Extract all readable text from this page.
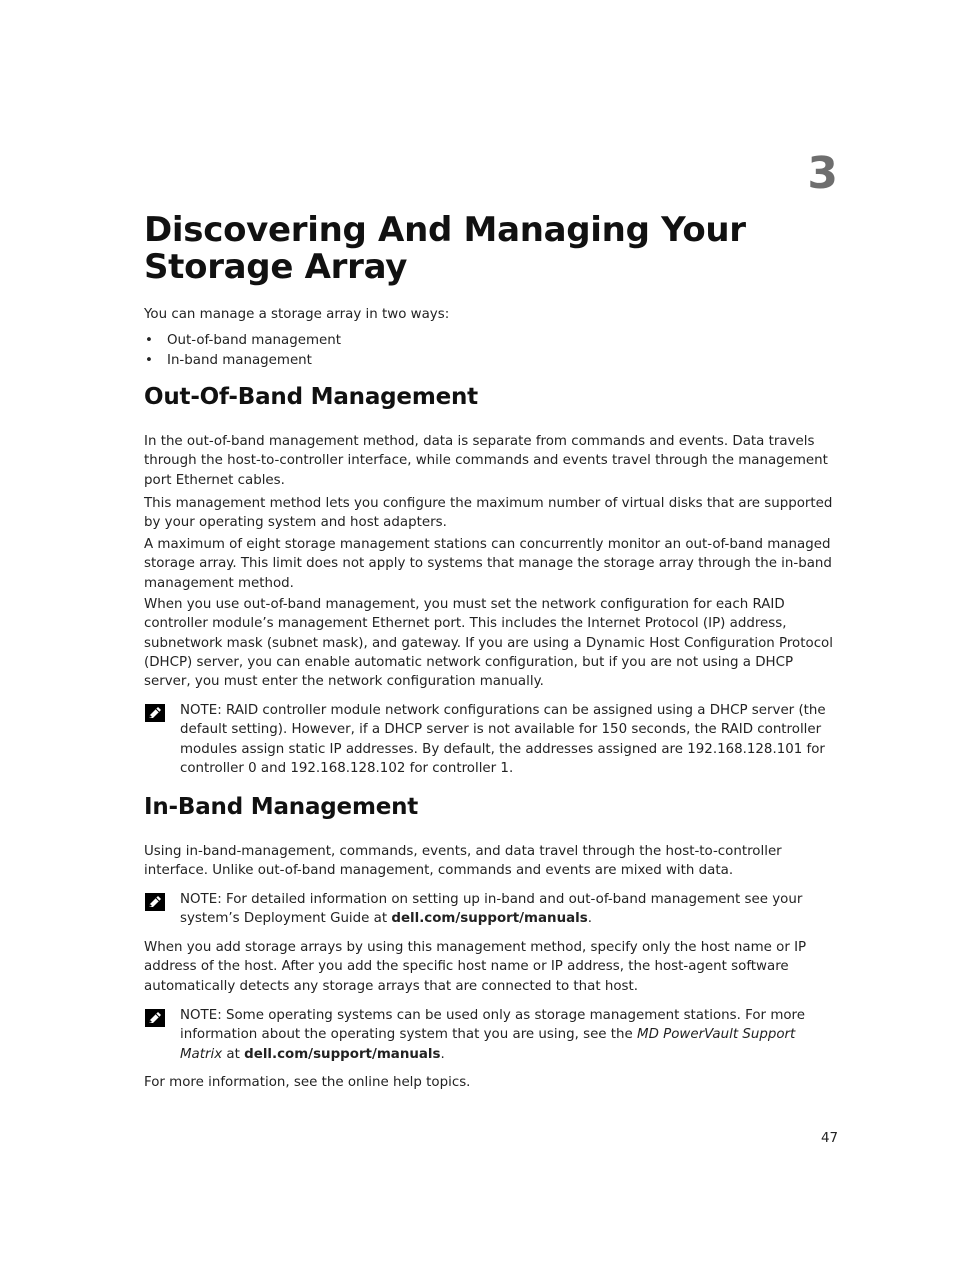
3
Discovering And Managing Your Storage Array

You can manage a storage array in two ways:

• Out-of-band management
• In-band management
Out-Of-Band Management

In the out-of-band management method, data is separate from commands and events. Data travels through the host-to-controller interface, while commands and events travel through the management port Ethernet cables.

This management method lets you configure the maximum number of virtual disks that are supported by your operating system and host adapters.

A maximum of eight storage management stations can concurrently monitor an out-of-band managed storage array. This limit does not apply to systems that manage the storage array through the in-band management method.

When you use out-of-band management, you must set the network configuration for each RAID controller module’s management Ethernet port. This includes the Internet Protocol (IP) address, subnetwork mask (subnet mask), and gateway. If you are using a Dynamic Host Configuration Protocol (DHCP) server, you can enable automatic network configuration, but if you are not using a DHCP server, you must enter the network configuration manually.

NOTE: RAID controller module network configurations can be assigned using a DHCP server (the default setting). However, if a DHCP server is not available for 150 seconds, the RAID controller modules assign static IP addresses. By default, the addresses assigned are 192.168.128.101 for controller 0 and 192.168.128.102 for controller 1.
In-Band Management

Using in-band-management, commands, events, and data travel through the host-to-controller interface. Unlike out-of-band management, commands and events are mixed with data.

NOTE: For detailed information on setting up in-band and out-of-band management see your system’s Deployment Guide at dell.com/support/manuals.

When you add storage arrays by using this management method, specify only the host name or IP address of the host. After you add the specific host name or IP address, the host-agent software automatically detects any storage arrays that are connected to that host.

NOTE: Some operating systems can be used only as storage management stations. For more information about the operating system that you are using, see the MD PowerVault Support Matrix at dell.com/support/manuals.

For more information, see the online help topics.

47
